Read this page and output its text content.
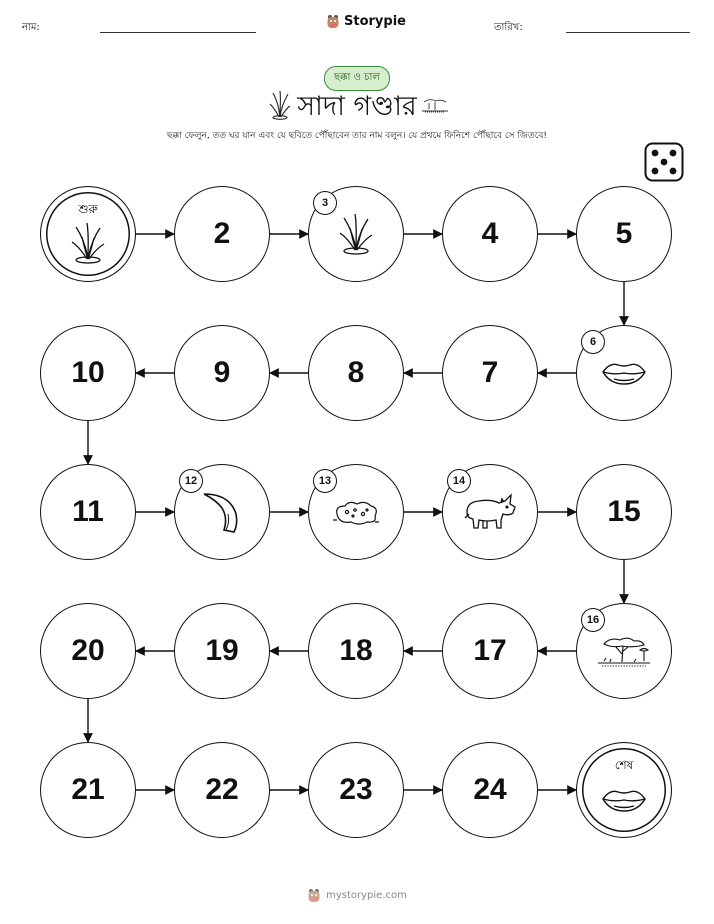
নাম:	Storypie	তারিখ:
ছক্কা ও চাল
সাদা গণ্ডার
ছক্কা ফেলুন, তত ঘর যান এবং যে ছবিতে পৌঁছাবেন তার নাম বলুন। যে প্রথমে ফিনিশে পৌঁছাবে সে জিতবে!
শুরু
2
3
4	5
6
7
8
9
10
11
12	13	14
15
16
17
18
19
20
21	22	23	24
শেষ
mystorypie.com
